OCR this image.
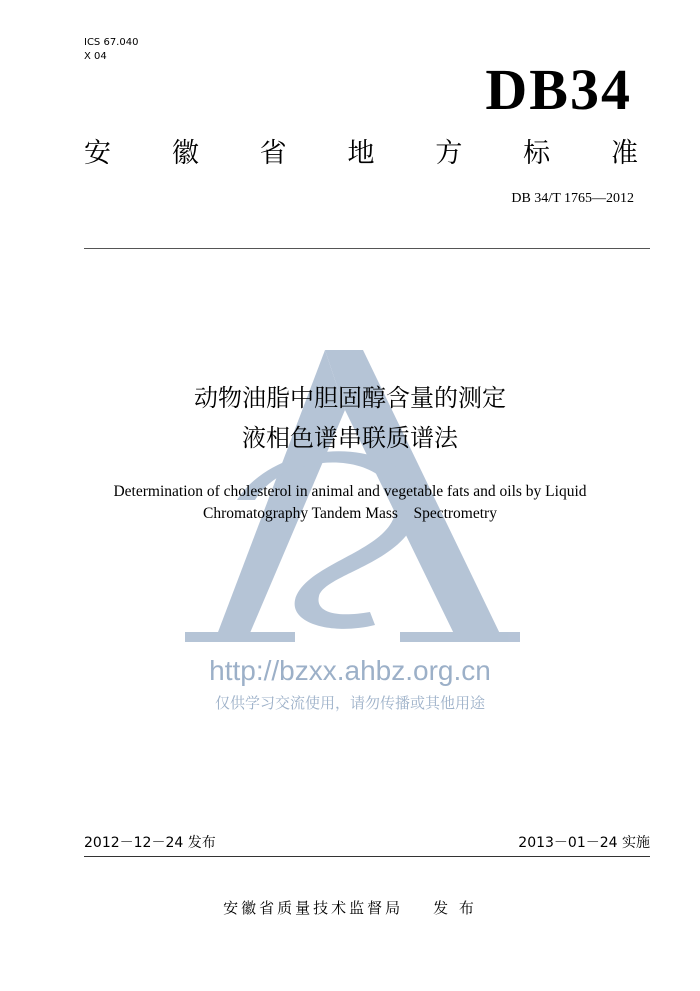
ICS 67.040
X 04
DB34
安 徽 省 地 方 标 准
DB 34/T 1765—2012
动物油脂中胆固醇含量的测定
液相色谱串联质谱法
Determination of cholesterol in animal and vegetable fats and oils by Liquid
Chromatography Tandem Mass    Spectrometry
http://bzxx.ahbz.org.cn
仅供学习交流使用，请勿传播或其他用途
2012－12－24 发布	2013－01－24 实施
安徽省质量技术监督局 发 布
